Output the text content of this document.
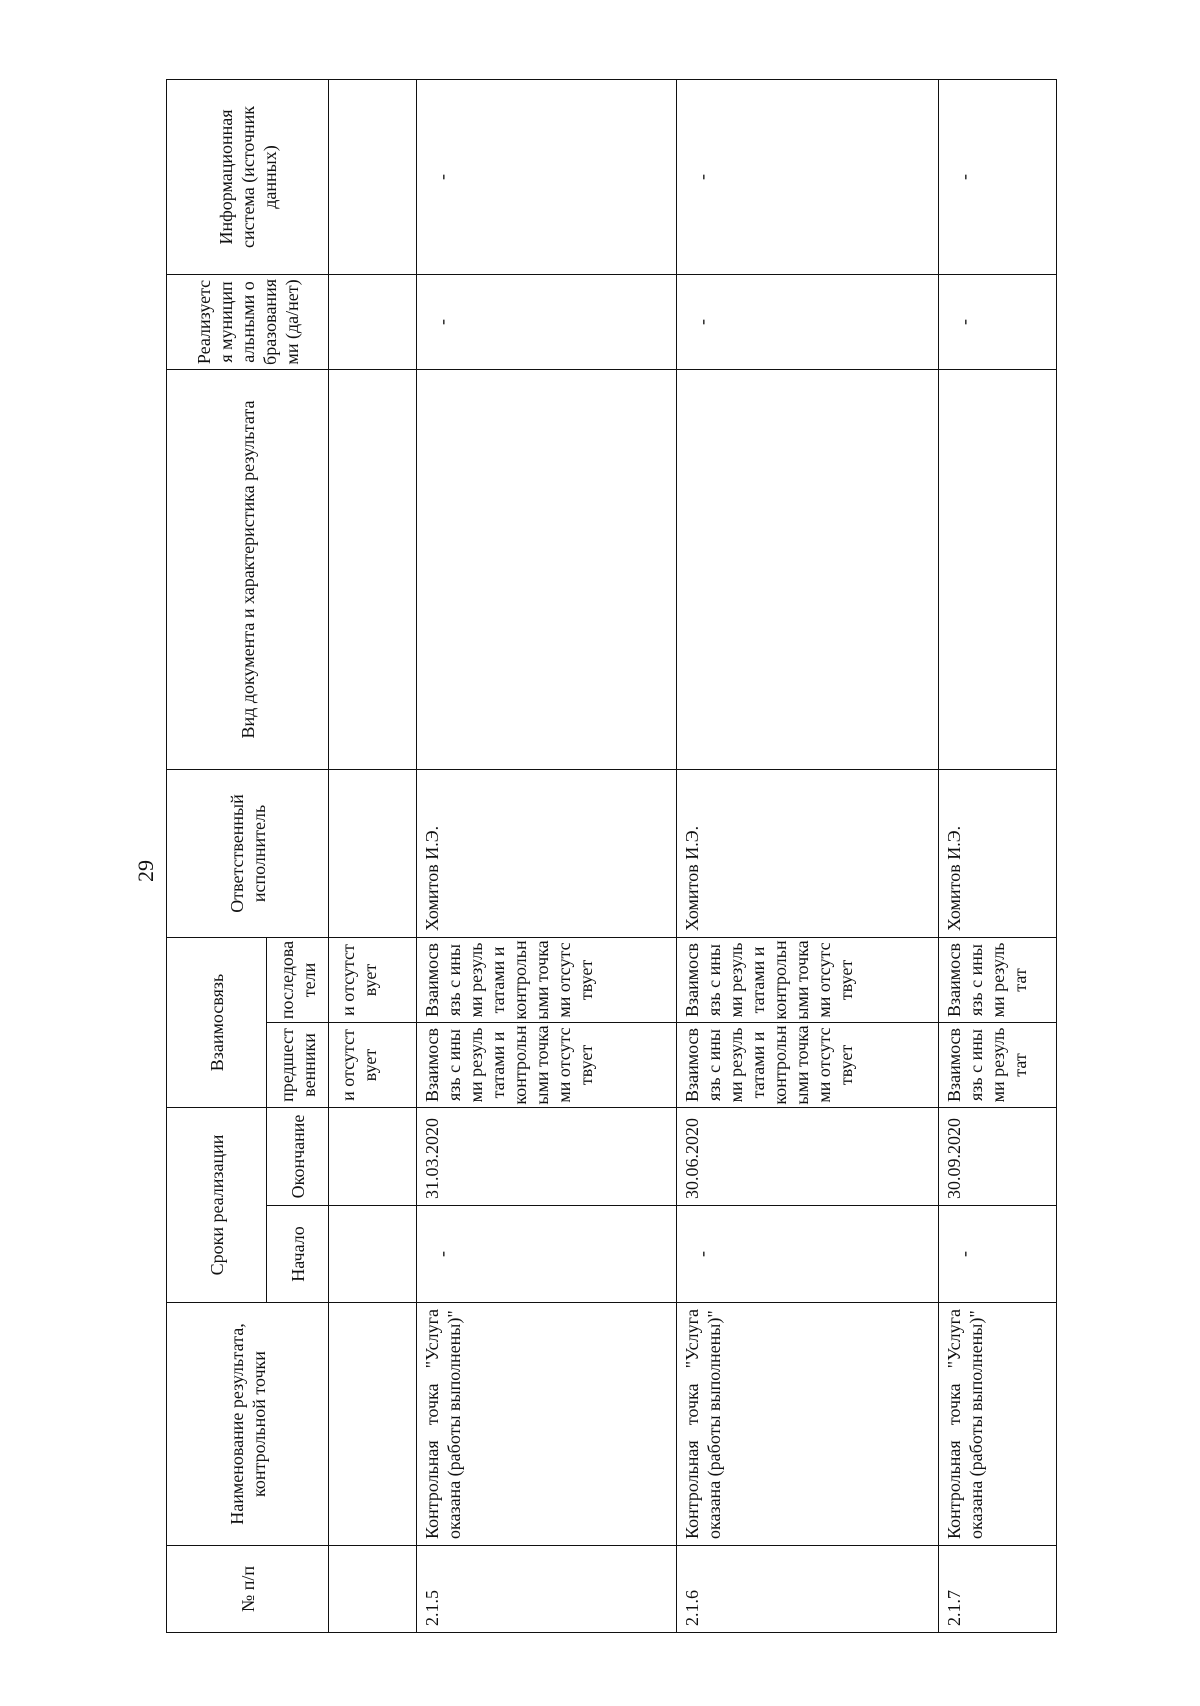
29
№ п/п	Наименование результата, контрольной точки	Сроки реализации		Взаимосвязь		Ответственный исполнитель	Вид документа и характеристика результата	Реализуется муниципальными образованиями (да/нет)	Информационная система (источник данных)
		Начало	Окончание	предшественники	последователи				
				и отсутствует	и отсутствует				
2.1.5	Контрольная точка "Услуга оказана (работы выполнены)"	-	31.03.2020	Взаимосвязь с иными результатами и контрольными точками отсутствует	Взаимосвязь с иными результатами и контрольными точками отсутствует	Хомитов И.Э.		-	-
2.1.6	Контрольная точка "Услуга оказана (работы выполнены)"	-	30.06.2020	Взаимосвязь с иными результатами и контрольными точками отсутствует	Взаимосвязь с иными результатами и контрольными точками отсутствует	Хомитов И.Э.		-	-
2.1.7	Контрольная точка "Услуга оказана (работы выполнены)"	-	30.09.2020	Взаимосвязь с иными результат	Взаимосвязь с иными результат	Хомитов И.Э.		-	-
